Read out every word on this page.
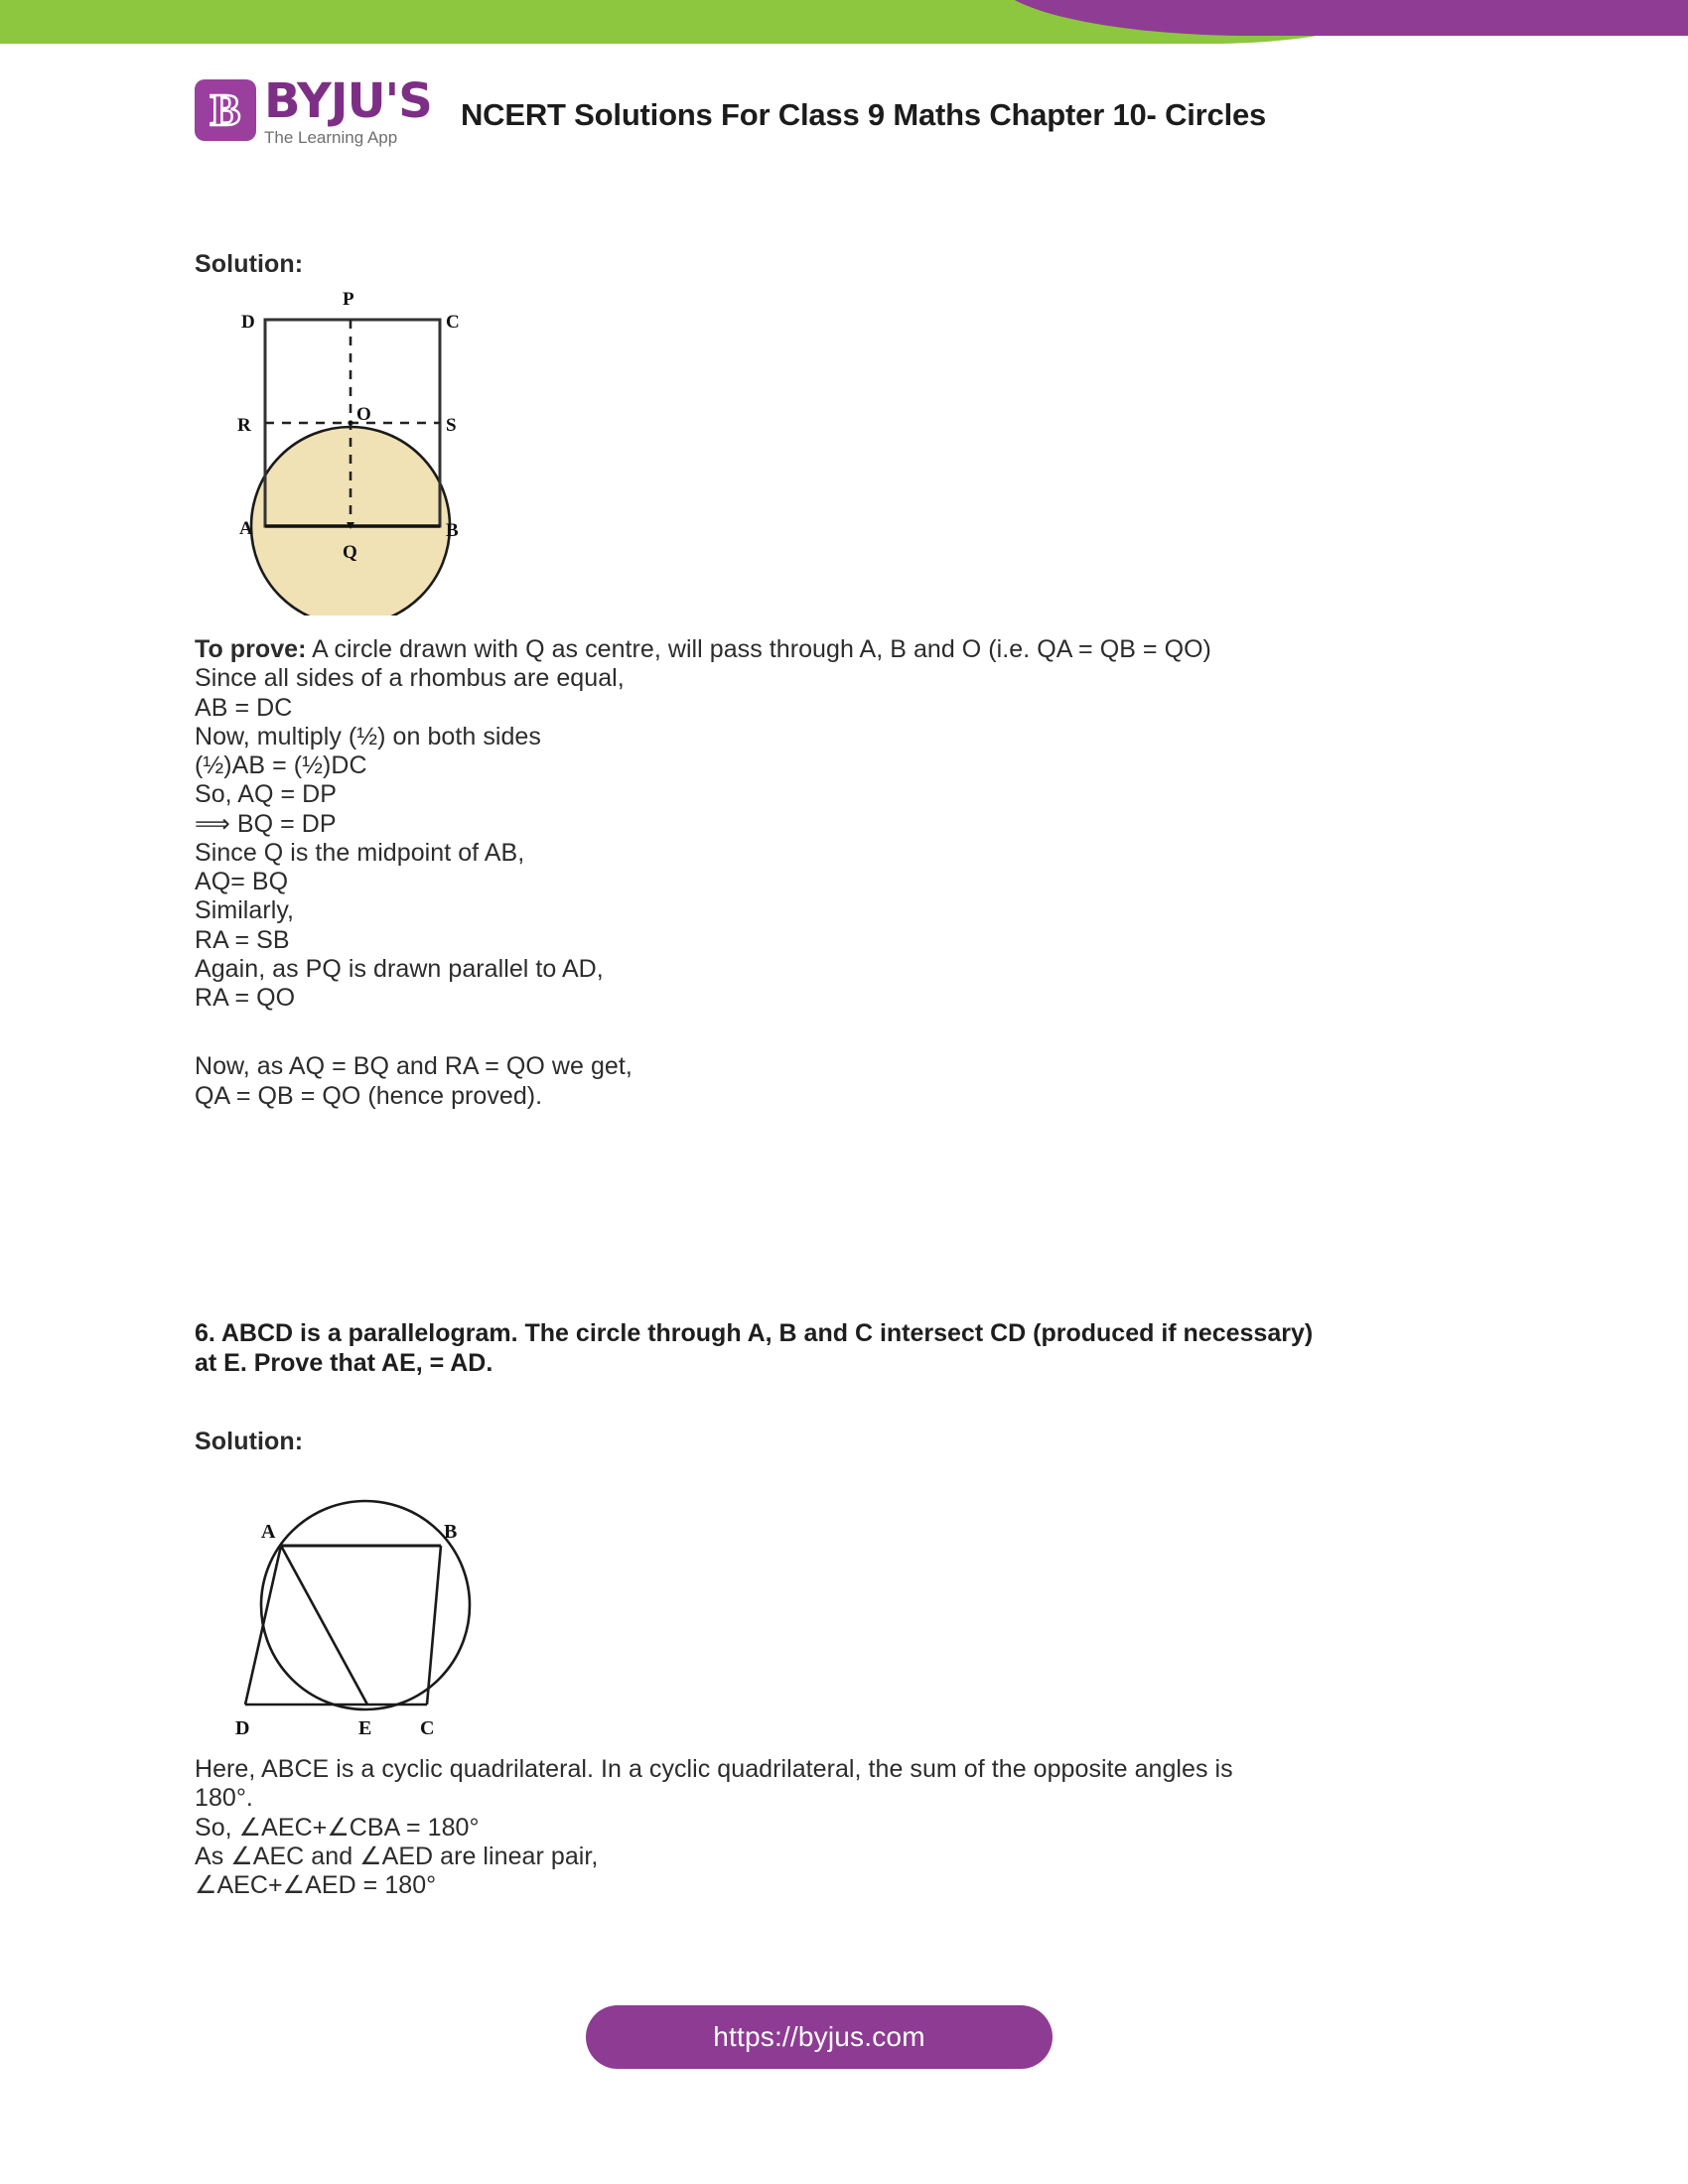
B BYJU'S
The Learning App
NCERT Solutions For Class 9 Maths Chapter 10- Circles
Solution:
D
P
C
R
O
S
A
Q
B
To prove: A circle drawn with Q as centre, will pass through A, B and O (i.e. QA = QB = QO)
Since all sides of a rhombus are equal,
AB = DC
Now, multiply (½) on both sides
(½)AB = (½)DC
So, AQ = DP
⟹ BQ = DP
Since Q is the midpoint of AB,
AQ= BQ
Similarly,
RA = SB
Again, as PQ is drawn parallel to AD,
RA = QO
Now, as AQ = BQ and RA = QO we get,
QA = QB = QO (hence proved).
6. ABCD is a parallelogram. The circle through A, B and C intersect CD (produced if necessary)
at E. Prove that AE, = AD.
Solution:
A	B
D	E C
Here, ABCE is a cyclic quadrilateral. In a cyclic quadrilateral, the sum of the opposite angles is
180°.
So, ∠AEC+∠CBA = 180°
As ∠AEC and ∠AED are linear pair,
∠AEC+∠AED = 180°
https://byjus.com
